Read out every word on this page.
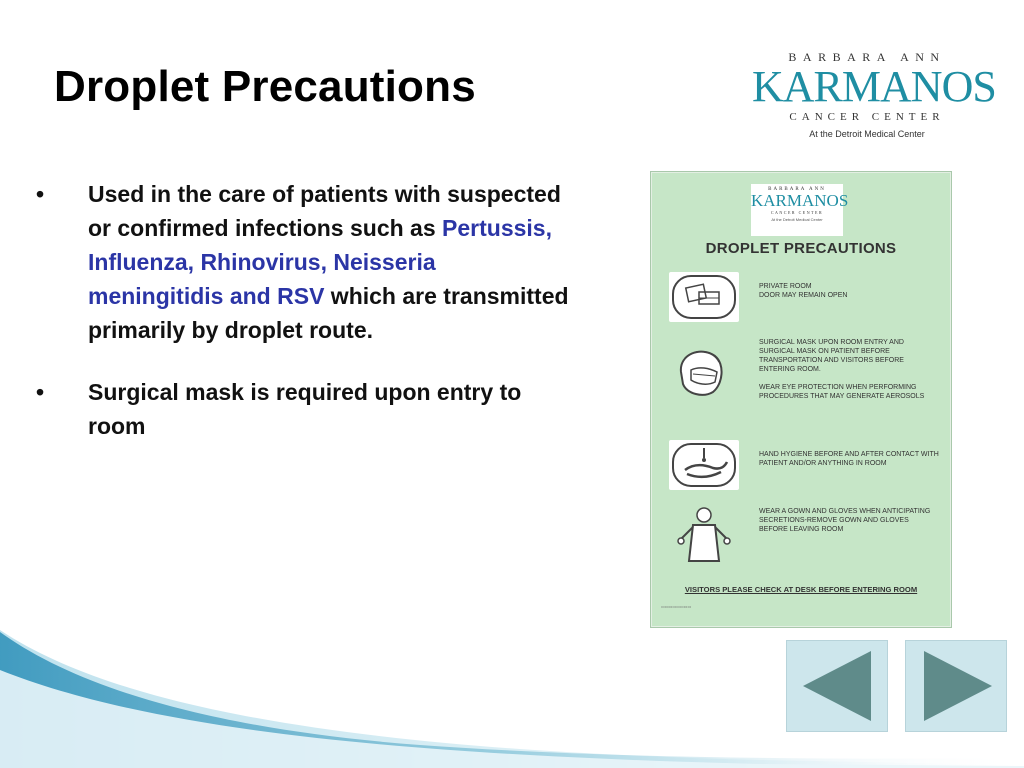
Droplet Precautions
BARBARA ANN
KARMANOS
CANCER CENTER
At the Detroit Medical Center
• Used in the care of patients with suspected or confirmed infections such as Pertussis, Influenza, Rhinovirus, Neisseria meningitidis and RSV which are transmitted primarily by droplet route.
• Surgical mask is required upon entry to room
BARBARA ANN
KARMANOS
CANCER CENTER
At the Detroit Medical Center
DROPLET PRECAUTIONS
PRIVATE ROOM
DOOR MAY REMAIN OPEN
SURGICAL MASK UPON ROOM ENTRY AND SURGICAL MASK ON PATIENT BEFORE TRANSPORTATION AND VISITORS BEFORE ENTERING ROOM.

WEAR EYE PROTECTION WHEN PERFORMING PROCEDURES THAT MAY GENERATE AEROSOLS
HAND HYGIENE BEFORE AND AFTER CONTACT WITH PATIENT AND/OR ANYTHING IN ROOM
WEAR A GOWN AND GLOVES WHEN ANTICIPATING SECRETIONS-REMOVE GOWN AND GLOVES BEFORE LEAVING ROOM
VISITORS PLEASE CHECK AT DESK BEFORE ENTERING ROOM
▭▭▭▭▭▭▭▭
